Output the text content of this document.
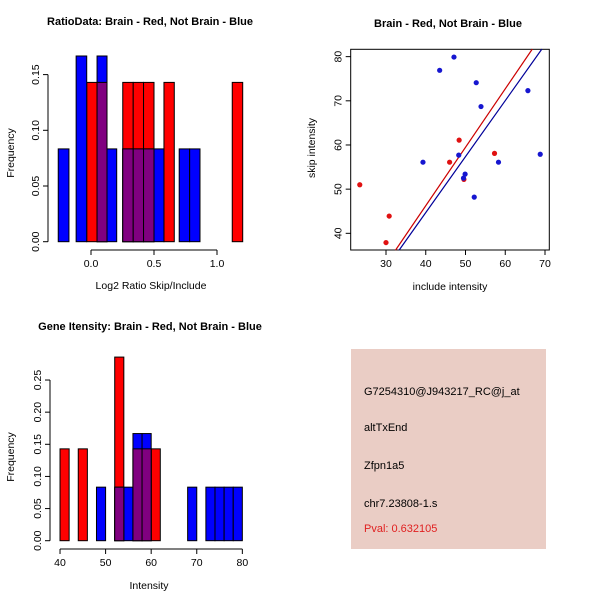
0.0	0.5	1.0
0.00
0.05
0.10
0.15
RatioData: Brain - Red, Not Brain - Blue
Log2 Ratio Skip/Include
Frequency
30	40	50	60	70
40
50
60
70
80
Brain - Red, Not Brain - Blue
include intensity
skip intensity
40	50	60	70	80
0.00
0.05
0.10
0.15
0.20
0.25
Gene Itensity: Brain - Red, Not Brain - Blue
Intensity
Frequency
G7254310@J943217_RC@j_at
altTxEnd
Zfpn1a5
chr7.23808-1.s
Pval: 0.632105
